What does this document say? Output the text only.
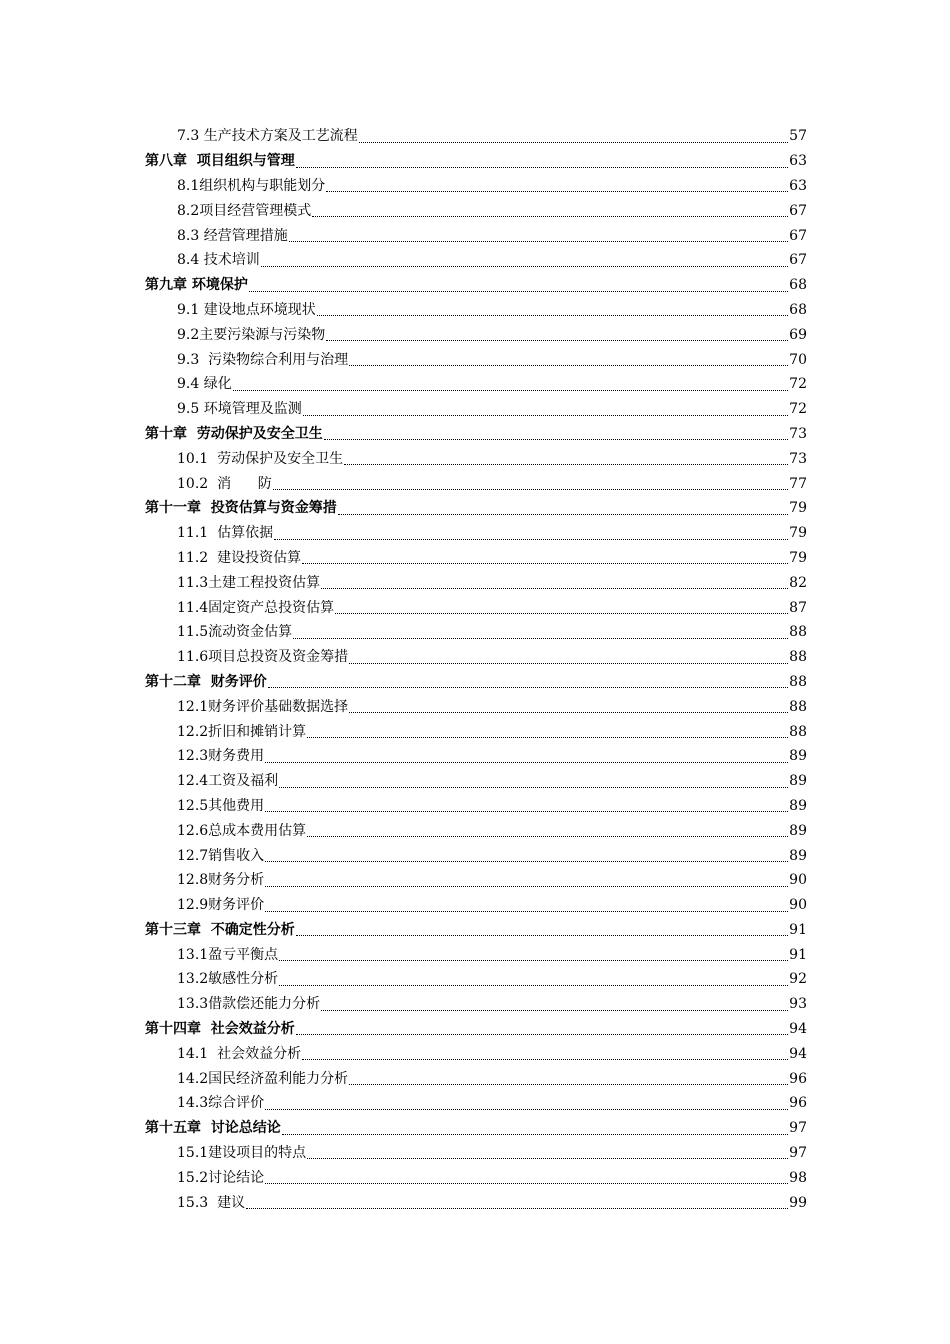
7.3 生产技术方案及工艺流程	57
第八章  项目组织与管理	63
8.1组织机构与职能划分	63
8.2项目经营管理模式	67
8.3 经营管理措施	67
8.4 技术培训	67
第九章 环境保护	68
9.1 建设地点环境现状	68
9.2主要污染源与污染物	69
9.3  污染物综合利用与治理	70
9.4 绿化	72
9.5 环境管理及监测	72
第十章  劳动保护及安全卫生	73
10.1  劳动保护及安全卫生	73
10.2  消      防	77
第十一章  投资估算与资金筹措	79
11.1  估算依据	79
11.2  建设投资估算	79
11.3土建工程投资估算	82
11.4固定资产总投资估算	87
11.5流动资金估算	88
11.6项目总投资及资金筹措	88
第十二章  财务评价	88
12.1财务评价基础数据选择	88
12.2折旧和摊销计算	88
12.3财务费用	89
12.4工资及福利	89
12.5其他费用	89
12.6总成本费用估算	89
12.7销售收入	89
12.8财务分析	90
12.9财务评价	90
第十三章  不确定性分析	91
13.1盈亏平衡点	91
13.2敏感性分析	92
13.3借款偿还能力分析	93
第十四章  社会效益分析	94
14.1  社会效益分析	94
14.2国民经济盈利能力分析	96
14.3综合评价	96
第十五章  讨论总结论	97
15.1建设项目的特点	97
15.2讨论结论	98
15.3  建议	99
